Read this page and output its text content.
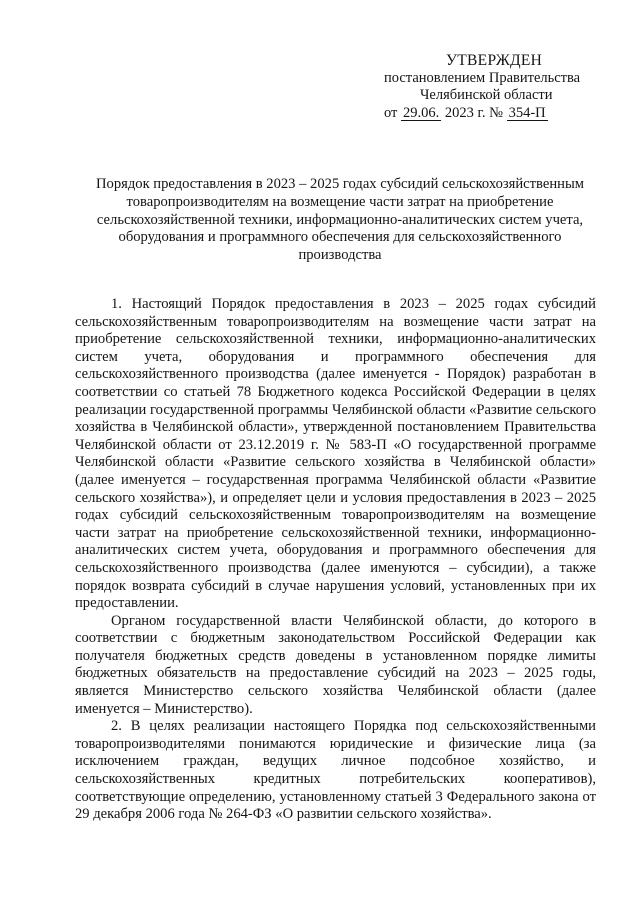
УТВЕРЖДЕН
постановлением Правительства
Челябинской области
от 29.06. 2023 г. № 354-П
Порядок предоставления в 2023 – 2025 годах субсидий сельскохозяйственным
товаропроизводителям на возмещение части затрат на приобретение
сельскохозяйственной техники, информационно-аналитических систем учета,
оборудования и программного обеспечения для сельскохозяйственного
производства

1. Настоящий Порядок предоставления в 2023 – 2025 годах субсидий сельскохозяйственным товаропроизводителям на возмещение части затрат на приобретение сельскохозяйственной техники, информационно-аналитических систем учета, оборудования и программного обеспечения для сельскохозяйственного производства (далее именуется - Порядок) разработан в соответствии со статьей 78 Бюджетного кодекса Российской Федерации в целях реализации государственной программы Челябинской области «Развитие сельского хозяйства в Челябинской области», утвержденной постановлением Правительства Челябинской области от 23.12.2019 г. № 583-П «О государственной программе Челябинской области «Развитие сельского хозяйства в Челябинской области» (далее именуется – государственная программа Челябинской области «Развитие сельского хозяйства»), и определяет цели и условия предоставления в 2023 – 2025 годах субсидий сельскохозяйственным товаропроизводителям на возмещение части затрат на приобретение сельскохозяйственной техники, информационно-аналитических систем учета, оборудования и программного обеспечения для сельскохозяйственного производства (далее именуются – субсидии), а также порядок возврата субсидий в случае нарушения условий, установленных при их предоставлении.

Органом государственной власти Челябинской области, до которого в соответствии с бюджетным законодательством Российской Федерации как получателя бюджетных средств доведены в установленном порядке лимиты бюджетных обязательств на предоставление субсидий на 2023 – 2025 годы, является Министерство сельского хозяйства Челябинской области (далее именуется – Министерство).

2. В целях реализации настоящего Порядка под сельскохозяйственными товаропроизводителями понимаются юридические и физические лица (за исключением граждан, ведущих личное подсобное хозяйство, и сельскохозяйственных кредитных потребительских кооперативов), соответствующие определению, установленному статьей 3 Федерального закона от 29 декабря 2006 года № 264-ФЗ «О развитии сельского хозяйства».
